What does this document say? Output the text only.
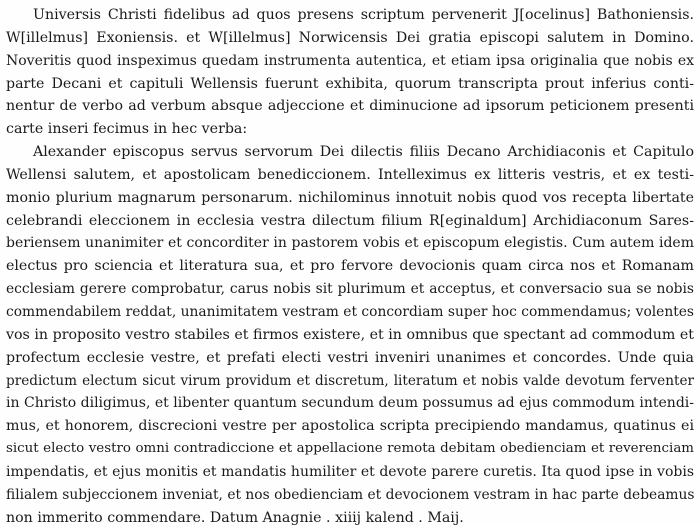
Universis Christi fidelibus ad quos presens scriptum pervenerit J[ocelinus] Bathoniensis.
W[illelmus] Exoniensis. et W[illelmus] Norwicensis Dei gratia episcopi salutem in Domino.
Noveritis quod inspeximus quedam instrumenta autentica, et etiam ipsa originalia que nobis ex
parte Decani et capituli Wellensis fuerunt exhibita, quorum transcripta prout inferius conti-
nentur de verbo ad verbum absque adjeccione et diminucione ad ipsorum peticionem presenti
carte inseri fecimus in hec verba:
Alexander episcopus servus servorum Dei dilectis filiis Decano Archidiaconis et Capitulo
Wellensi salutem, et apostolicam benediccionem. Intelleximus ex litteris vestris, et ex testi-
monio plurium magnarum personarum. nichilominus innotuit nobis quod vos recepta libertate
celebrandi eleccionem in ecclesia vestra dilectum filium R[eginaldum] Archidiaconum Sares-
beriensem unanimiter et concorditer in pastorem vobis et episcopum elegistis. Cum autem idem
electus pro sciencia et literatura sua, et pro fervore devocionis quam circa nos et Romanam
ecclesiam gerere comprobatur, carus nobis sit plurimum et acceptus, et conversacio sua se nobis
commendabilem reddat, unanimitatem vestram et concordiam super hoc commendamus; volentes
vos in proposito vestro stabiles et firmos existere, et in omnibus que spectant ad commodum et
profectum ecclesie vestre, et prefati electi vestri inveniri unanimes et concordes. Unde quia
predictum electum sicut virum providum et discretum, literatum et nobis valde devotum ferventer
in Christo diligimus, et libenter quantum secundum deum possumus ad ejus commodum intendi-
mus, et honorem, discrecioni vestre per apostolica scripta precipiendo mandamus, quatinus ei
sicut electo vestro omni contradiccione et appellacione remota debitam obedienciam et reverenciam
impendatis, et ejus monitis et mandatis humiliter et devote parere curetis. Ita quod ipse in vobis
filialem subjeccionem inveniat, et nos obedienciam et devocionem vestram in hac parte debeamus
non immerito commendare. Datum Anagnie . xiiij kalend . Maij.
